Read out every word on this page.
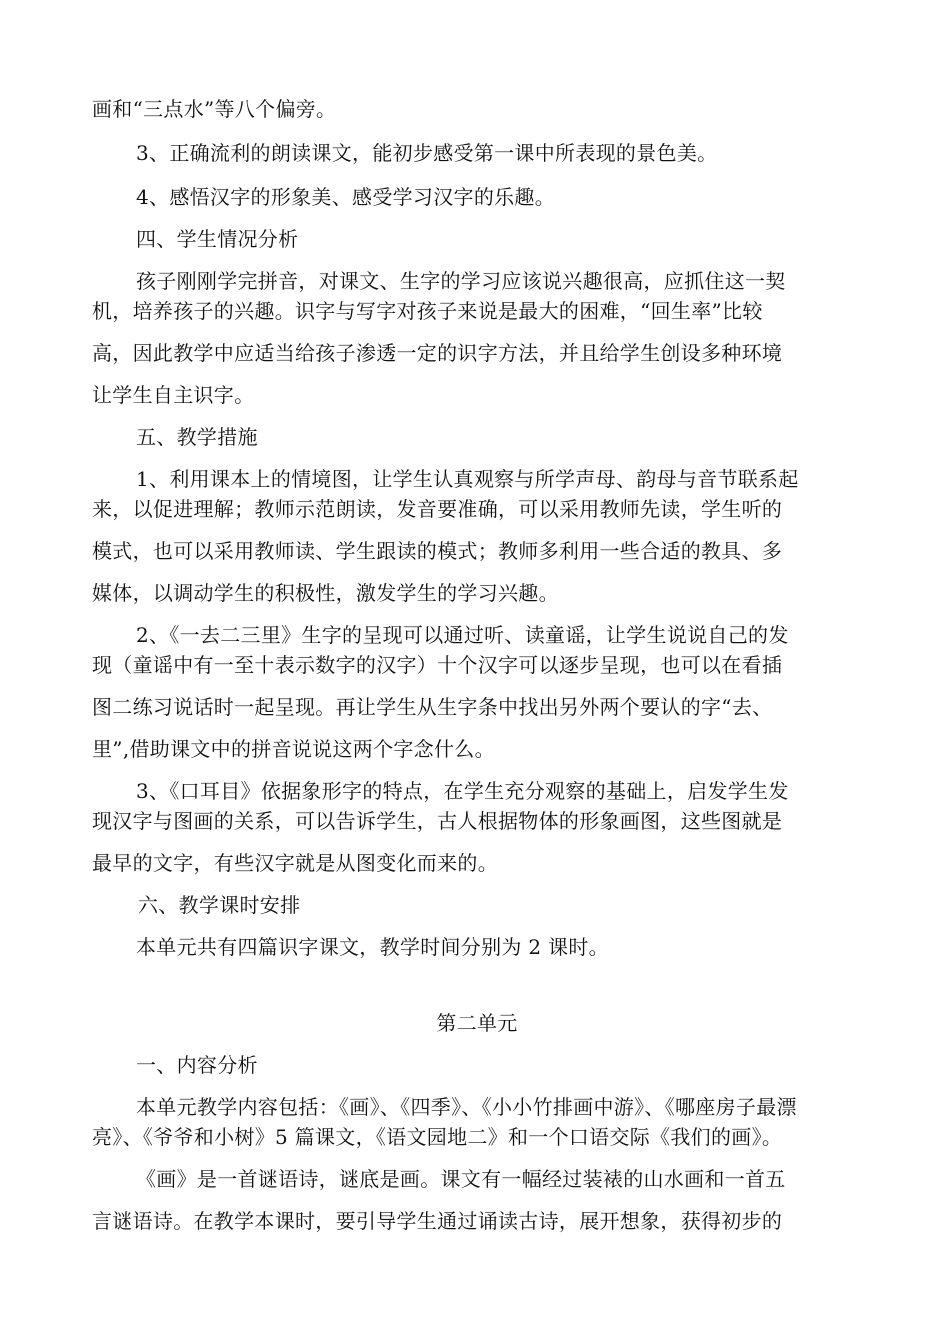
画和“三点水”等八个偏旁。
3、正确流利的朗读课文，能初步感受第一课中所表现的景色美。
4、感悟汉字的形象美、感受学习汉字的乐趣。
四、学生情况分析
孩子刚刚学完拼音，对课文、生字的学习应该说兴趣很高，应抓住这一契
机，培养孩子的兴趣。识字与写字对孩子来说是最大的困难，“回生率”比较
高，因此教学中应适当给孩子渗透一定的识字方法，并且给学生创设多种环境
让学生自主识字。
五、教学措施
1、利用课本上的情境图，让学生认真观察与所学声母、韵母与音节联系起
来，以促进理解；教师示范朗读，发音要准确，可以采用教师先读，学生听的
模式，也可以采用教师读、学生跟读的模式；教师多利用一些合适的教具、多
媒体，以调动学生的积极性，激发学生的学习兴趣。
2、《一去二三里》生字的呈现可以通过听、读童谣，让学生说说自己的发
现（童谣中有一至十表示数字的汉字）十个汉字可以逐步呈现，也可以在看插
图二练习说话时一起呈现。再让学生从生字条中找出另外两个要认的字“去、
里”,借助课文中的拼音说说这两个字念什么。
3、《口耳目》依据象形字的特点，在学生充分观察的基础上，启发学生发
现汉字与图画的关系，可以告诉学生，古人根据物体的形象画图，这些图就是
最早的文字，有些汉字就是从图变化而来的。
六、教学课时安排
本单元共有四篇识字课文，教学时间分别为 2 课时。
第二单元
一、内容分析
本单元教学内容包括：《画》、《四季》、《小小竹排画中游》、《哪座房子最漂
亮》、《爷爷和小树》5 篇课文，《语文园地二》和一个口语交际《我们的画》。
《画》是一首谜语诗，谜底是画。课文有一幅经过装裱的山水画和一首五
言谜语诗。在教学本课时，要引导学生通过诵读古诗，展开想象，获得初步的
